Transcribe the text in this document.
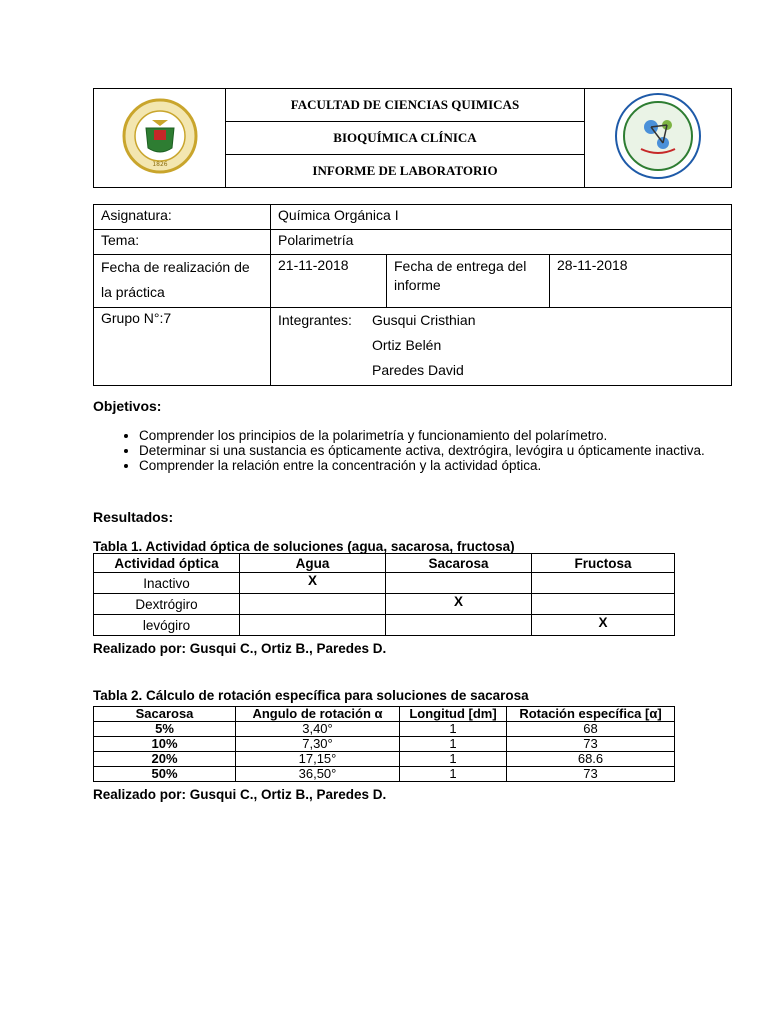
1826
	FACULTAD DE CIENCIAS QUIMICAS	
BIOQUÍMICA CLÍNICA
INFORME DE LABORATORIO
Asignatura:	Química Orgánica I		
Tema:	Polarimetría		
Fecha de realización de la práctica	21-11-2018	Fecha de entrega del informe	28-11-2018
Grupo N°:7	Integrantes: Gusqui Cristhian
Ortiz Belén
Paredes David		
Objetivos:
• Comprender los principios de la polarimetría y funcionamiento del polarímetro.
• Determinar si una sustancia es ópticamente activa, dextrógira, levógira u ópticamente inactiva.
• Comprender la relación entre la concentración y la actividad óptica.
Resultados:
Tabla 1. Actividad óptica de soluciones (agua, sacarosa, fructosa)
Actividad óptica	Agua	Sacarosa	Fructosa
Inactivo	X		
Dextrógiro		X	
levógiro			X
Realizado por: Gusqui C., Ortiz B., Paredes D.
Tabla 2. Cálculo de rotación específica para soluciones de sacarosa
Sacarosa	Angulo de rotación α	Longitud [dm]	Rotación específica [α]
5%	3,40°	1	68
10%	7,30°	1	73
20%	17,15°	1	68.6
50%	36,50°	1	73
Realizado por: Gusqui C., Ortiz B., Paredes D.
